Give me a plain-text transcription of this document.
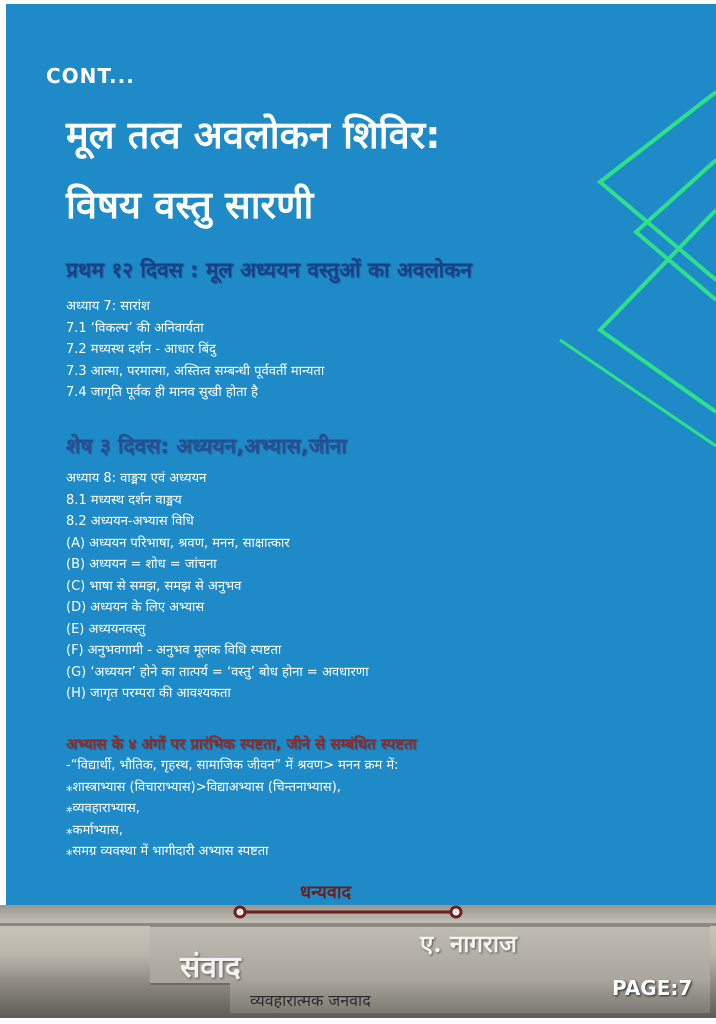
CONT...

मूल तत्व अवलोकन शिविर:
विषय वस्तु सारणी
प्रथम १२ दिवस : मूल अध्ययन वस्तुओं का अवलोकन
अध्याय 7: सारांश
7.1 ‘विकल्प’ की अनिवार्यता
7.2 मध्यस्थ दर्शन - आधार बिंदु
7.3 आत्मा, परमात्मा, अस्तित्व सम्बन्धी पूर्ववर्ती मान्यता
7.4 जागृति पूर्वक ही मानव सुखी होता है
शेष ३ दिवस: अध्ययन,अभ्यास,जीना
अध्याय 8: वाङ्मय एवं अध्ययन
8.1 मध्यस्थ दर्शन वाङ्मय
8.2 अध्ययन-अभ्यास विधि
(A) अध्ययन परिभाषा, श्रवण, मनन, साक्षात्कार
(B) अध्ययन = शोध = जांचना
(C) भाषा से समझ, समझ से अनुभव
(D) अध्ययन के लिए अभ्यास
(E) अध्ययनवस्तु
(F) अनुभवगामी - अनुभव मूलक विधि स्पष्टता
(G) ‘अध्ययन’ होने का तात्पर्य = ‘वस्तु’ बोध होना = अवधारणा
(H) जागृत परम्परा की आवश्यकता
अभ्यास के ४ अंगों पर प्रारंभिक स्पष्टता, जीने से सम्बंधित स्पष्टता
-“विद्यार्थी, भौतिक, गृहस्थ, सामाजिक जीवन” में श्रवण> मनन क्रम में:
⁎शास्त्राभ्यास (विचाराभ्यास)>विद्याअभ्यास (चिन्तनाभ्यास),
⁎व्यवहाराभ्यास,
⁎कर्माभ्यास,
⁎समग्र व्यवस्था में भागीदारी अभ्यास स्पष्टता
संवाद
ए. नागराज
व्यवहारात्मक जनवाद

धन्यवाद

PAGE:7
